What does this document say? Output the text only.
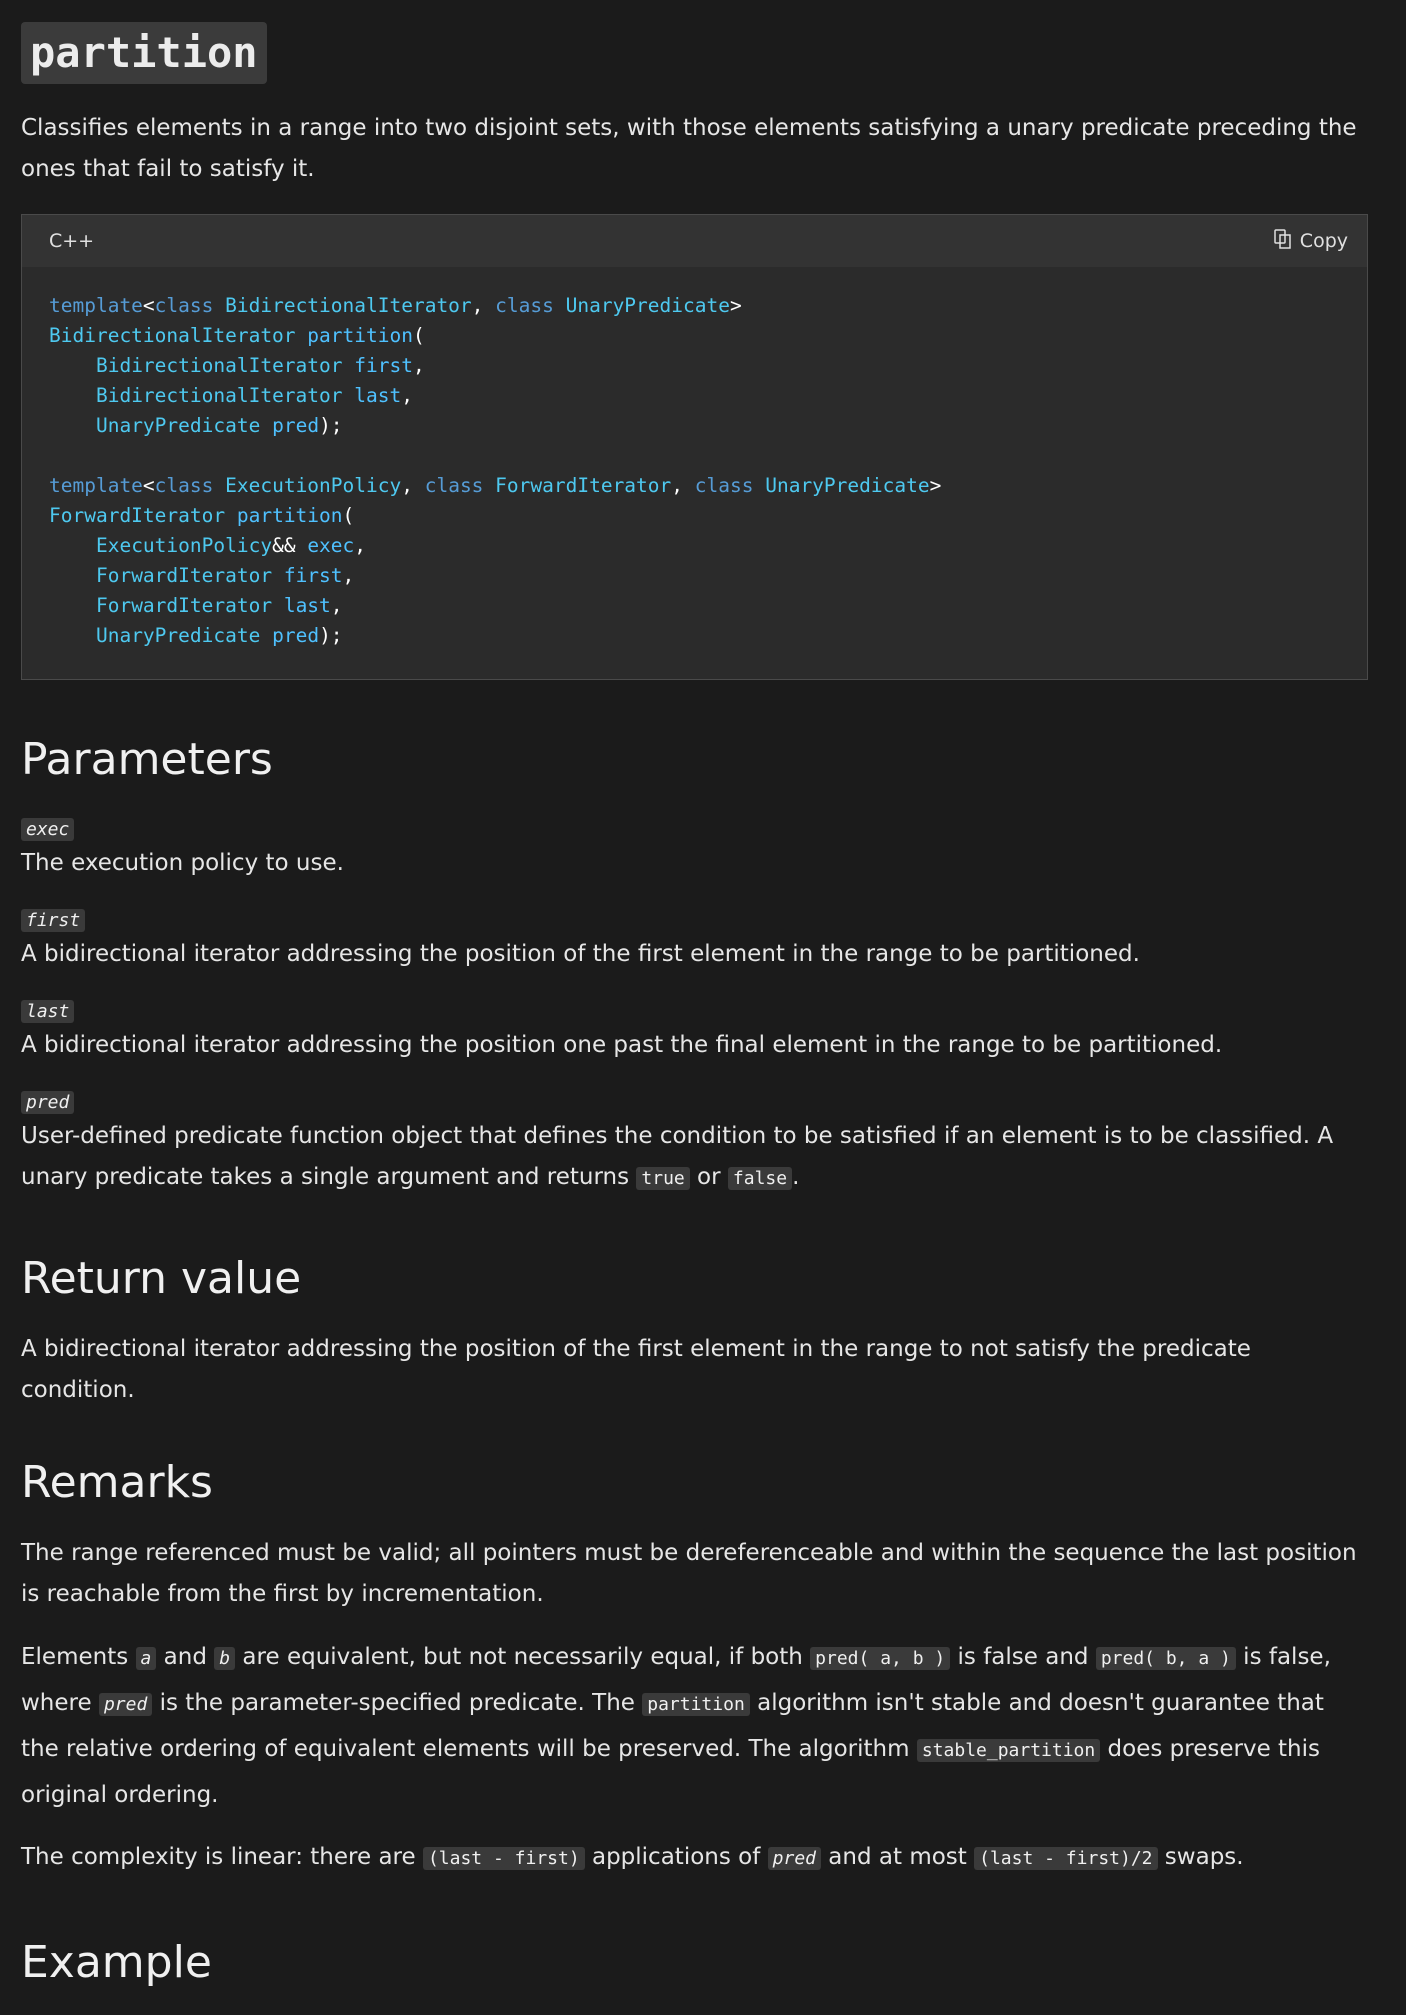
partition

Classifies elements in a range into two disjoint sets, with those elements satisfying a unary predicate preceding the ones that fail to satisfy it.

C++	Copy
template<class BidirectionalIterator, class UnaryPredicate>
BidirectionalIterator partition(
BidirectionalIterator first,
BidirectionalIterator last,
UnaryPredicate pred);

template<class ExecutionPolicy, class ForwardIterator, class UnaryPredicate>
ForwardIterator partition(
ExecutionPolicy&& exec,
ForwardIterator first,
ForwardIterator last,
UnaryPredicate pred);
Parameters
exec
The execution policy to use.
first
A bidirectional iterator addressing the position of the first element in the range to be partitioned.
last
A bidirectional iterator addressing the position one past the final element in the range to be partitioned.
pred
User-defined predicate function object that defines the condition to be satisfied if an element is to be classified. A unary predicate takes a single argument and returns true or false .
Return value

A bidirectional iterator addressing the position of the first element in the range to not satisfy the predicate condition.

Remarks

The range referenced must be valid; all pointers must be dereferenceable and within the sequence the last position is reachable from the first by incrementation.

Elements a and b are equivalent, but not necessarily equal, if both pred( a, b ) is false and pred( b, a ) is false, where pred is the parameter-specified predicate. The partition algorithm isn't stable and doesn't guarantee that the relative ordering of equivalent elements will be preserved. The algorithm stable_partition does preserve this original ordering.

The complexity is linear: there are (last - first) applications of pred and at most (last - first)/2 swaps.

Example
